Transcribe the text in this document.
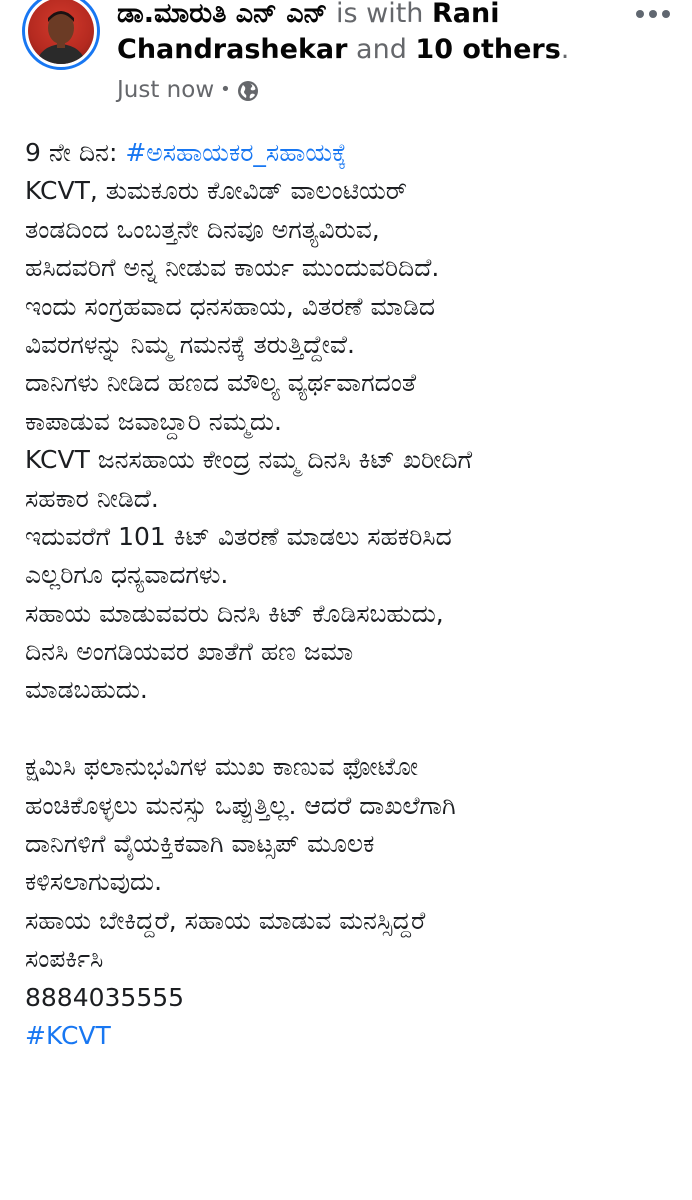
ಡಾ.ಮಾರುತಿ ಎನ್ ಎನ್ is with Rani Chandrashekar and 10 others.
Just now •
9 ನೇ ದಿನ: #ಅಸಹಾಯಕರ_ಸಹಾಯಕ್ಕೆ
KCVT, ತುಮಕೂರು ಕೋವಿಡ್ ವಾಲಂಟಿಯರ್
ತಂಡದಿಂದ ಒಂಬತ್ತನೇ ದಿನವೂ ಅಗತ್ಯವಿರುವ,
ಹಸಿದವರಿಗೆ ಅನ್ನ ನೀಡುವ ಕಾರ್ಯ ಮುಂದುವರಿದಿದೆ.
ಇಂದು ಸಂಗ್ರಹವಾದ ಧನಸಹಾಯ, ವಿತರಣೆ ಮಾಡಿದ
ವಿವರಗಳನ್ನು ನಿಮ್ಮ ಗಮನಕ್ಕೆ ತರುತ್ತಿದ್ದೇವೆ.
ದಾನಿಗಳು ನೀಡಿದ ಹಣದ ಮೌಲ್ಯ ವ್ಯರ್ಥವಾಗದಂತೆ
ಕಾಪಾಡುವ ಜವಾಬ್ದಾರಿ ನಮ್ಮದು.
KCVT ಜನಸಹಾಯ ಕೇಂದ್ರ ನಮ್ಮ ದಿನಸಿ ಕಿಟ್ ಖರೀದಿಗೆ
ಸಹಕಾರ ನೀಡಿದೆ.
ಇದುವರೆಗೆ 101 ಕಿಟ್ ವಿತರಣೆ ಮಾಡಲು ಸಹಕರಿಸಿದ
ಎಲ್ಲರಿಗೂ ಧನ್ಯವಾದಗಳು.
ಸಹಾಯ ಮಾಡುವವರು ದಿನಸಿ ಕಿಟ್ ಕೊಡಿಸಬಹುದು,
ದಿನಸಿ ಅಂಗಡಿಯವರ ಖಾತೆಗೆ ಹಣ ಜಮಾ
ಮಾಡಬಹುದು.
ಕ್ಷಮಿಸಿ ಫಲಾನುಭವಿಗಳ ಮುಖ ಕಾಣುವ ಫೋಟೋ
ಹಂಚಿಕೊಳ್ಳಲು ಮನಸ್ಸು ಒಪ್ಪುತ್ತಿಲ್ಲ. ಆದರೆ ದಾಖಲೆಗಾಗಿ
ದಾನಿಗಳಿಗೆ ವೈಯಕ್ತಿಕವಾಗಿ ವಾಟ್ಸಪ್ ಮೂಲಕ
ಕಳಿಸಲಾಗುವುದು.
ಸಹಾಯ ಬೇಕಿದ್ದರೆ, ಸಹಾಯ ಮಾಡುವ ಮನಸ್ಸಿದ್ದರೆ
ಸಂಪರ್ಕಿಸಿ
8884035555
#KCVT
